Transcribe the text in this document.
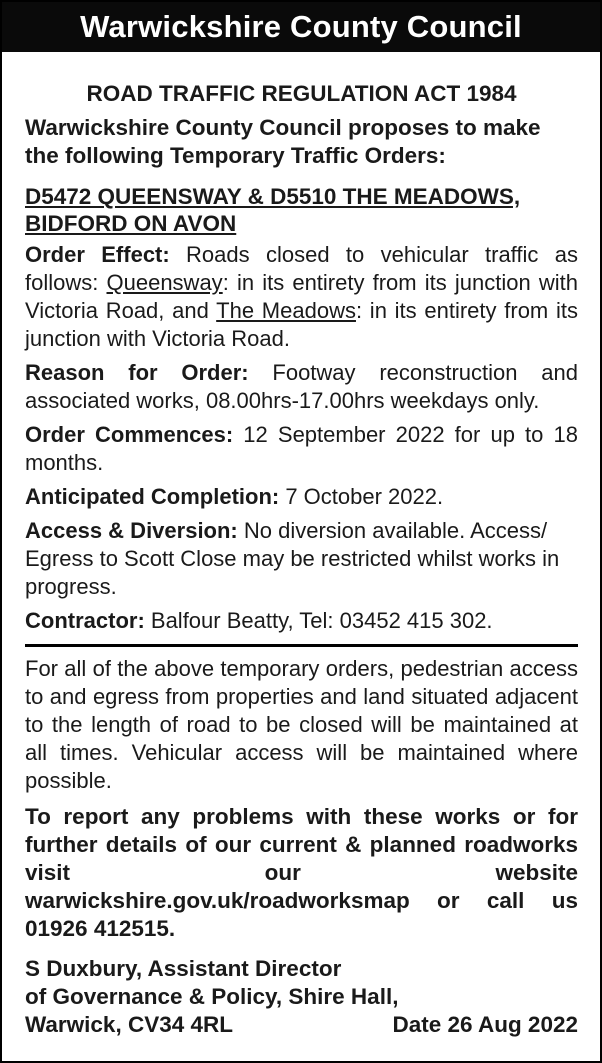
Warwickshire County Council
ROAD TRAFFIC REGULATION ACT 1984
Warwickshire County Council proposes to make the following Temporary Traffic Orders:
D5472 QUEENSWAY & D5510 THE MEADOWS, BIDFORD ON AVON

Order Effect: Roads closed to vehicular traffic as follows: Queensway: in its entirety from its junction with Victoria Road, and The Meadows: in its entirety from its junction with Victoria Road.

Reason for Order: Footway reconstruction and associated works, 08.00hrs-17.00hrs weekdays only.

Order Commences: 12 September 2022 for up to 18 months.

Anticipated Completion: 7 October 2022.

Access & Diversion: No diversion available. Access/ Egress to Scott Close may be restricted whilst works in progress.

Contractor: Balfour Beatty, Tel: 03452 415 302.

For all of the above temporary orders, pedestrian access to and egress from properties and land situated adjacent to the length of road to be closed will be maintained at all times. Vehicular access will be maintained where possible.

To report any problems with these works or for further details of our current & planned roadworks visit our website warwickshire.gov.uk/roadworksmap or call us 01926 412515.
S Duxbury, Assistant Director
of Governance & Policy, Shire Hall,
Warwick, CV34 4RL	Date 26 Aug 2022
